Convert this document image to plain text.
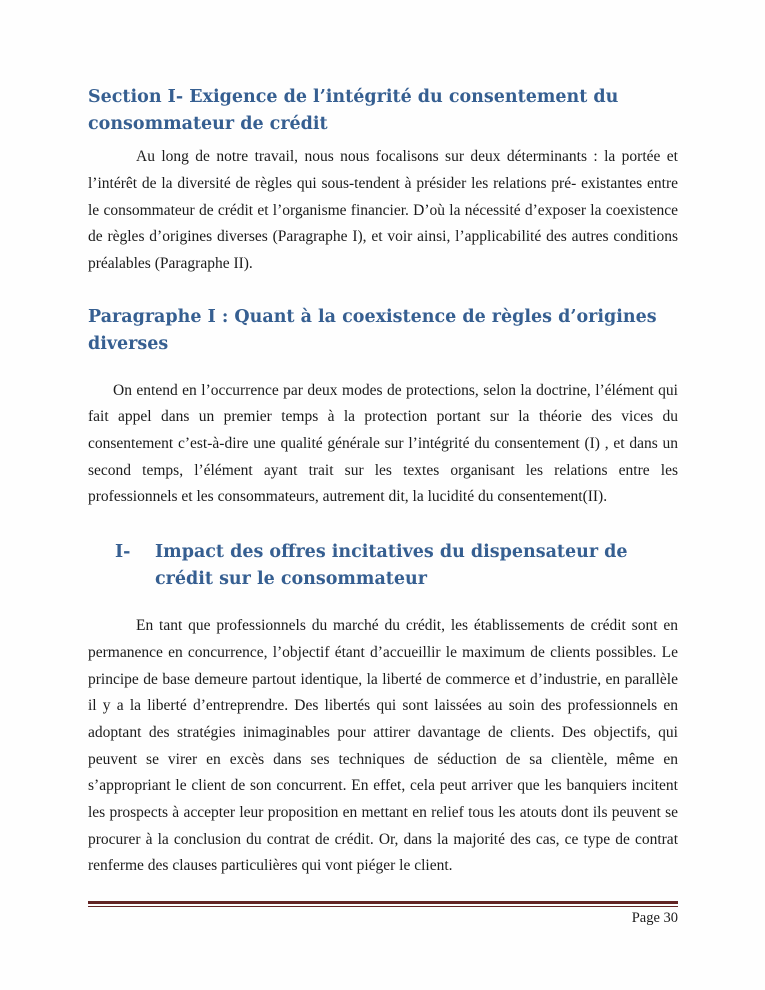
Section I- Exigence de l’intégrité du consentement du consommateur de crédit

Au long de notre travail, nous nous focalisons sur deux déterminants : la portée et l’intérêt de la diversité de règles qui sous-tendent à présider les relations pré- existantes entre le consommateur de crédit et l’organisme financier. D’où la nécessité d’exposer la coexistence de règles d’origines diverses (Paragraphe I), et voir ainsi, l’applicabilité des autres conditions préalables (Paragraphe II).

Paragraphe I : Quant à la coexistence de règles d’origines diverses

On entend en l’occurrence par deux modes de protections, selon la doctrine, l’élément qui fait appel dans un premier temps à la protection portant sur la théorie des vices du consentement c’est-à-dire une qualité générale sur l’intégrité du consentement (I) , et dans un second temps, l’élément ayant trait sur les textes organisant les relations entre les professionnels et les consommateurs, autrement dit, la lucidité du consentement(II).

I-	Impact des offres incitatives du dispensateur de crédit sur le consommateur

En tant que professionnels du marché du crédit, les établissements de crédit sont en permanence en concurrence, l’objectif étant d’accueillir le maximum de clients possibles. Le principe de base demeure partout identique, la liberté de commerce et d’industrie, en parallèle il y a la liberté d’entreprendre. Des libertés qui sont laissées au soin des professionnels en adoptant des stratégies inimaginables pour attirer davantage de clients. Des objectifs, qui peuvent se virer en excès dans ses techniques de séduction de sa clientèle, même en s’appropriant le client de son concurrent. En effet, cela peut arriver que les banquiers incitent les prospects à accepter leur proposition en mettant en relief tous les atouts dont ils peuvent se procurer à la conclusion du contrat de crédit. Or, dans la majorité des cas, ce type de contrat renferme des clauses particulières qui vont piéger le client.

Page 30
